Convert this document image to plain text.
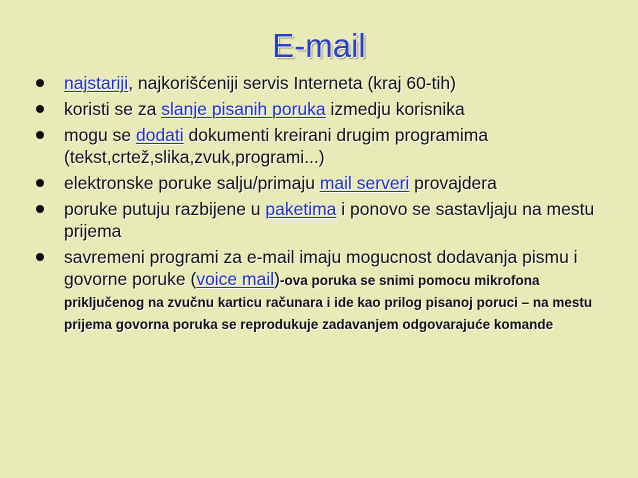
E-mail
najstariji, najkorišćeniji servis Interneta (kraj 60-tih)
koristi se za slanje pisanih poruka izmedju korisnika
mogu se dodati dokumenti kreirani drugim programima (tekst,crtež,slika,zvuk,programi...)
elektronske poruke salju/primaju mail serveri provajdera
poruke putuju razbijene u paketima i ponovo se sastavljaju na mestu prijema
savremeni programi za e-mail imaju mogucnost dodavanja pismu i govorne poruke (voice mail)-ova poruka se snimi pomocu mikrofona priključenog na zvučnu karticu računara i ide kao prilog pisanoj poruci – na mestu prijema govorna poruka se reprodukuje zadavanjem odgovarajuće komande
